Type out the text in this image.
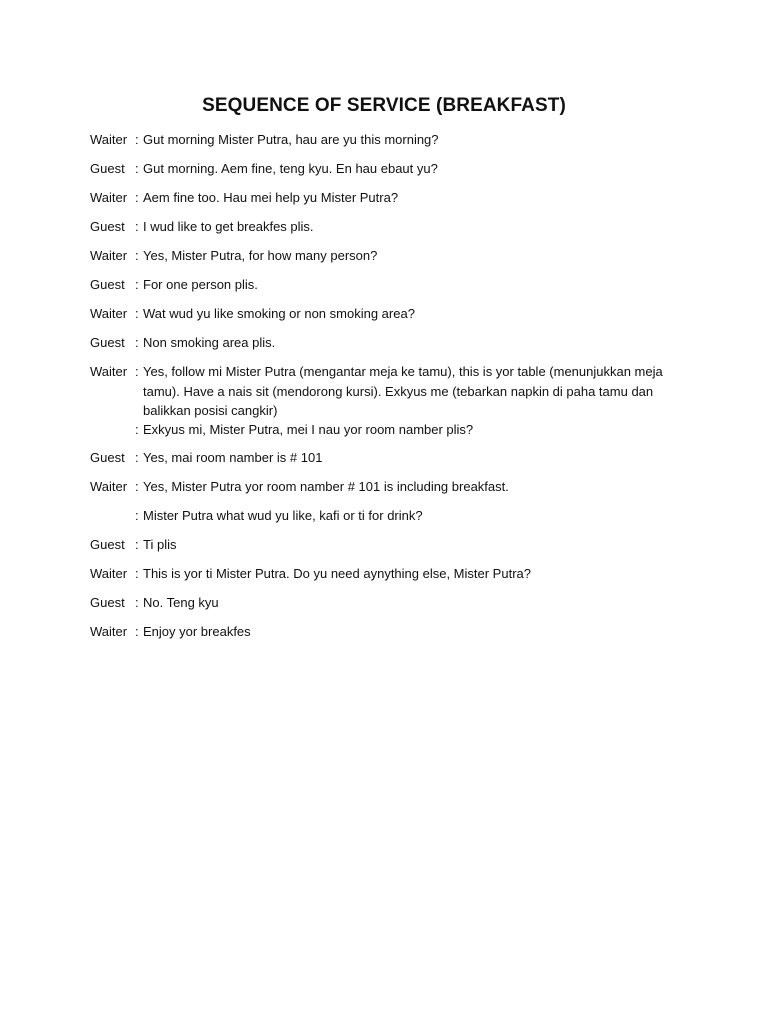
SEQUENCE OF SERVICE (BREAKFAST)
Waiter : Gut morning Mister Putra, hau are yu this morning?
Guest : Gut morning. Aem fine, teng kyu. En hau ebaut yu?
Waiter : Aem fine too. Hau mei help yu Mister Putra?
Guest : I wud like to get breakfes plis.
Waiter : Yes, Mister Putra, for how many person?
Guest : For one person plis.
Waiter : Wat wud yu like smoking or non smoking area?
Guest : Non smoking area plis.
Waiter : Yes, follow mi Mister Putra (mengantar meja ke tamu), this is yor table (menunjukkan meja tamu). Have a nais sit (mendorong kursi). Exkyus me (tebarkan napkin di paha tamu dan balikkan posisi cangkir)
: Exkyus mi, Mister Putra, mei I nau yor room namber plis?
Guest : Yes, mai room namber is # 101
Waiter : Yes, Mister Putra yor room namber # 101 is including breakfast.
: Mister Putra what wud yu like, kafi or ti for drink?
Guest : Ti plis
Waiter : This is yor ti Mister Putra. Do yu need aynything else, Mister Putra?
Guest : No. Teng kyu
Waiter : Enjoy yor breakfes
